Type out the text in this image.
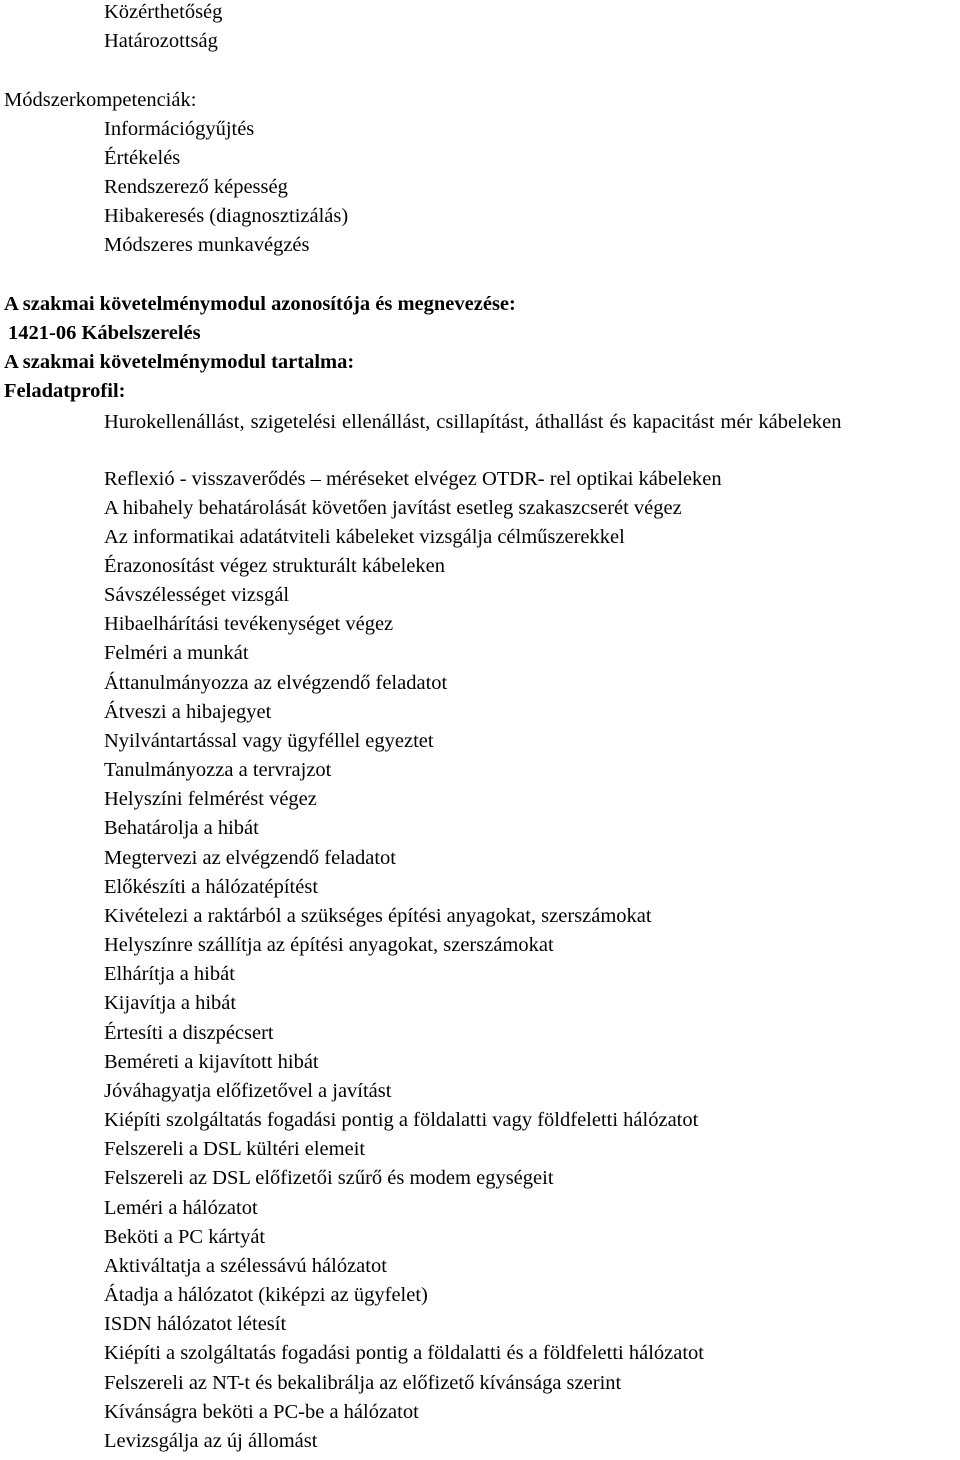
Közérthetőség
Határozottság
Módszerkompetenciák:
Információgyűjtés
Értékelés
Rendszerező képesség
Hibakeresés (diagnosztizálás)
Módszeres munkavégzés
A szakmai követelménymodul azonosítója és megnevezése:
1421-06 Kábelszerelés
A szakmai követelménymodul tartalma:
Feladatprofil:
Hurokellenállást, szigetelési ellenállást, csillapítást, áthallást és kapacitást mér kábeleken
Reflexió - visszaverődés – méréseket elvégez OTDR- rel optikai kábeleken
A hibahely behatárolását követően javítást esetleg szakaszcserét végez
Az informatikai adatátviteli kábeleket vizsgálja célműszerekkel
Érazonosítást végez strukturált kábeleken
Sávszélességet vizsgál
Hibaelhárítási tevékenységet végez
Felméri a munkát
Áttanulmányozza az elvégzendő feladatot
Átveszi a hibajegyet
Nyilvántartással vagy ügyféllel egyeztet
Tanulmányozza a tervrajzot
Helyszíni felmérést végez
Behatárolja a hibát
Megtervezi az elvégzendő feladatot
Előkészíti a hálózatépítést
Kivételezi a raktárból a szükséges építési anyagokat, szerszámokat
Helyszínre szállítja az építési anyagokat, szerszámokat
Elhárítja a hibát
Kijavítja a hibát
Értesíti a diszpécsert
Beméreti a kijavított hibát
Jóváhagyatja előfizetővel a javítást
Kiépíti szolgáltatás fogadási pontig a földalatti vagy földfeletti hálózatot
Felszereli a DSL kültéri elemeit
Felszereli az DSL előfizetői szűrő és modem egységeit
Leméri a hálózatot
Beköti a PC kártyát
Aktiváltatja a szélessávú hálózatot
Átadja a hálózatot (kiképzi az ügyfelet)
ISDN hálózatot létesít
Kiépíti a szolgáltatás fogadási pontig a földalatti és a földfeletti hálózatot
Felszereli az NT-t és bekalibrálja az előfizető kívánsága szerint
Kívánságra beköti a PC-be a hálózatot
Levizsgálja az új állomást
